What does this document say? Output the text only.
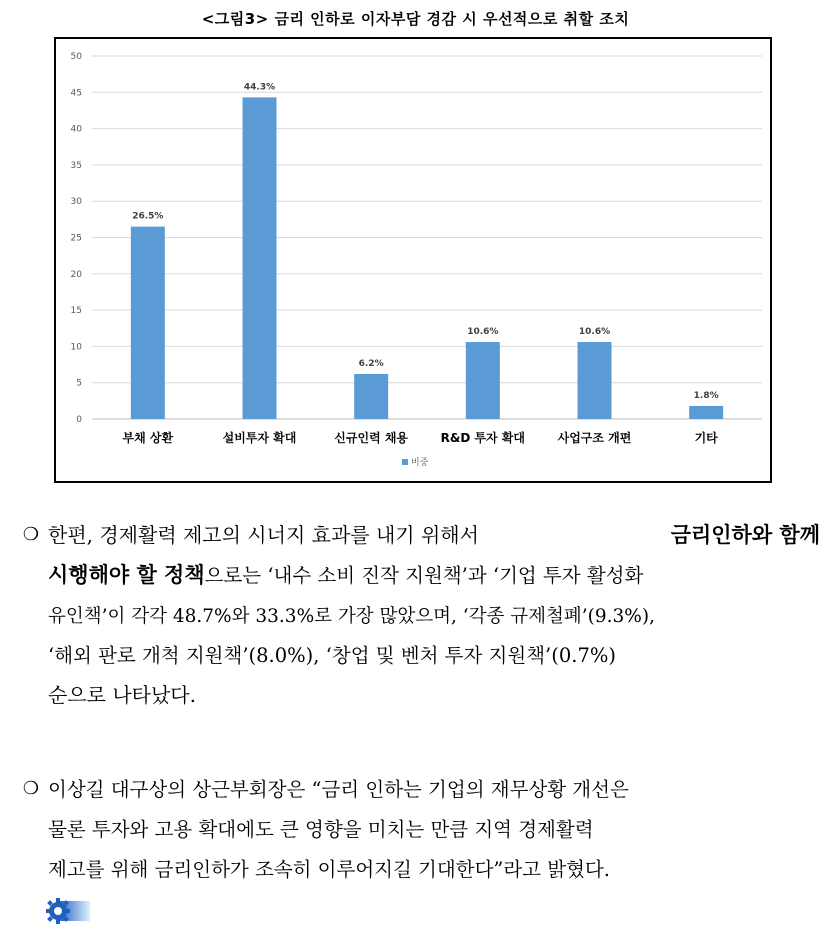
<그림3> 금리 인하로 이자부담 경감 시 우선적으로 취할 조치
0
5
10
15
20
25
30
35
40
45
50
26.5%
부채 상환
44.3%
설비투자 확대
6.2%
신규인력 채용
10.6%
R&D 투자 확대
10.6%
사업구조 개편
1.8%
기타
비중
❍ 한편, 경제활력 제고의 시너지 효과를 내기 위해서	금리인하와 함께
시행해야 할 정책으로는 ‘내수 소비 진작 지원책’과 ‘기업 투자 활성화
유인책’이 각각 48.7%와 33.3%로 가장 많았으며, ‘각종 규제철폐’(9.3%),
‘해외 판로 개척 지원책’(8.0%), ‘창업 및 벤처 투자 지원책’(0.7%)
순으로 나타났다.
❍ 이상길 대구상의 상근부회장은 “금리 인하는 기업의 재무상황 개선은
물론 투자와 고용 확대에도 큰 영향을 미치는 만큼 지역 경제활력
제고를 위해 금리인하가 조속히 이루어지길 기대한다”라고 밝혔다.
